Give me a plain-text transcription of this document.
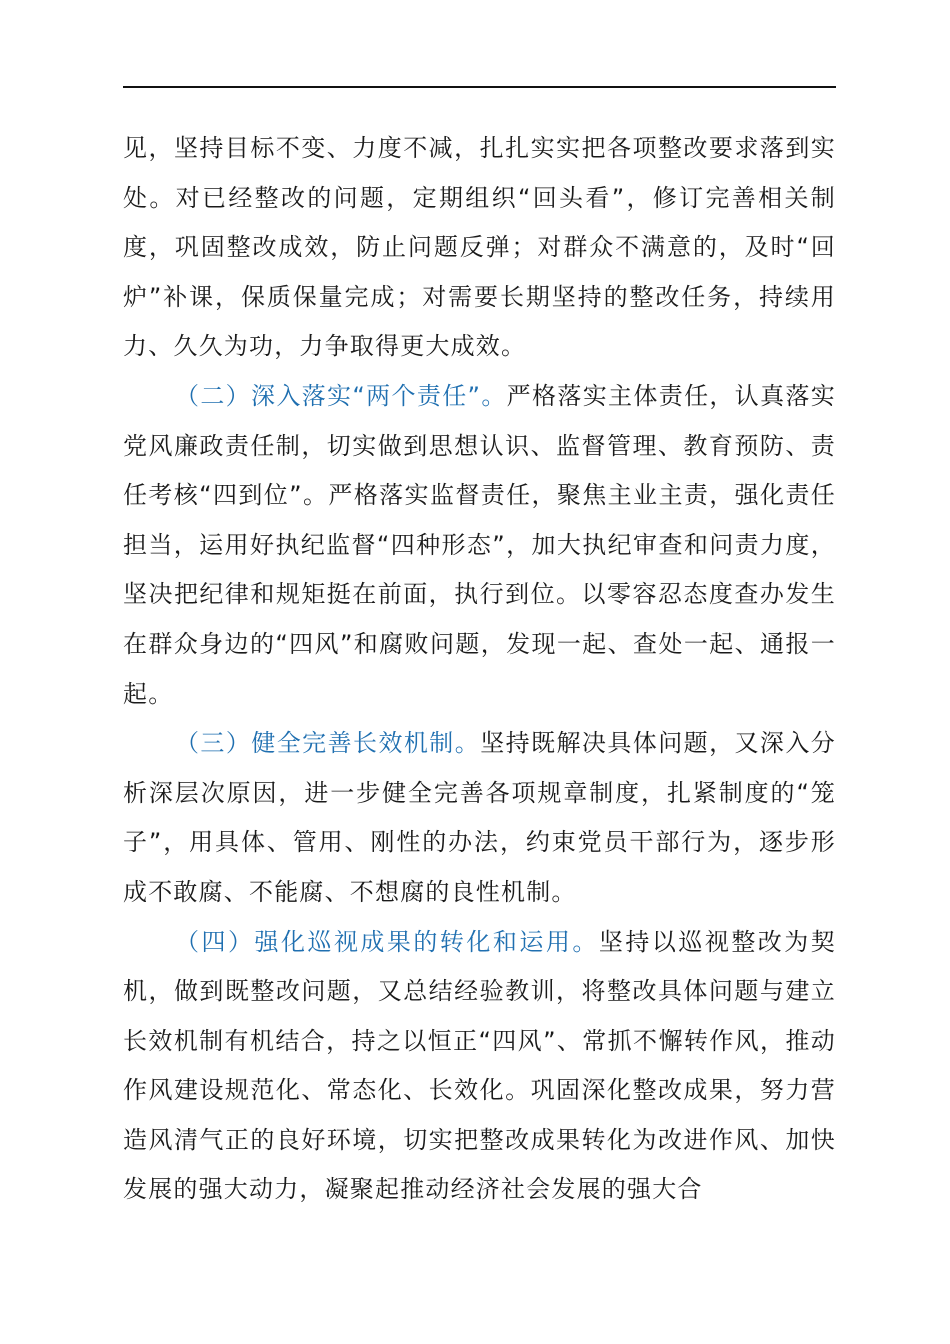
见，坚持目标不变、力度不减，扎扎实实把各项整改要求落到实处。对已经整改的问题，定期组织“回头看”，修订完善相关制度，巩固整改成效，防止问题反弹；对群众不满意的，及时“回炉”补课，保质保量完成；对需要长期坚持的整改任务，持续用力、久久为功，力争取得更大成效。

（二）深入落实“两个责任”。严格落实主体责任，认真落实党风廉政责任制，切实做到思想认识、监督管理、教育预防、责任考核“四到位”。严格落实监督责任，聚焦主业主责，强化责任担当，运用好执纪监督“四种形态”，加大执纪审查和问责力度，坚决把纪律和规矩挺在前面，执行到位。以零容忍态度查办发生在群众身边的“四风”和腐败问题，发现一起、查处一起、通报一起。

（三）健全完善长效机制。坚持既解决具体问题，又深入分析深层次原因，进一步健全完善各项规章制度，扎紧制度的“笼子”，用具体、管用、刚性的办法，约束党员干部行为，逐步形成不敢腐、不能腐、不想腐的良性机制。

（四）强化巡视成果的转化和运用。坚持以巡视整改为契机，做到既整改问题，又总结经验教训，将整改具体问题与建立长效机制有机结合，持之以恒正“四风”、常抓不懈转作风，推动作风建设规范化、常态化、长效化。巩固深化整改成果，努力营造风清气正的良好环境，切实把整改成果转化为改进作风、加快发展的强大动力，凝聚起推动经济社会发展的强大合
